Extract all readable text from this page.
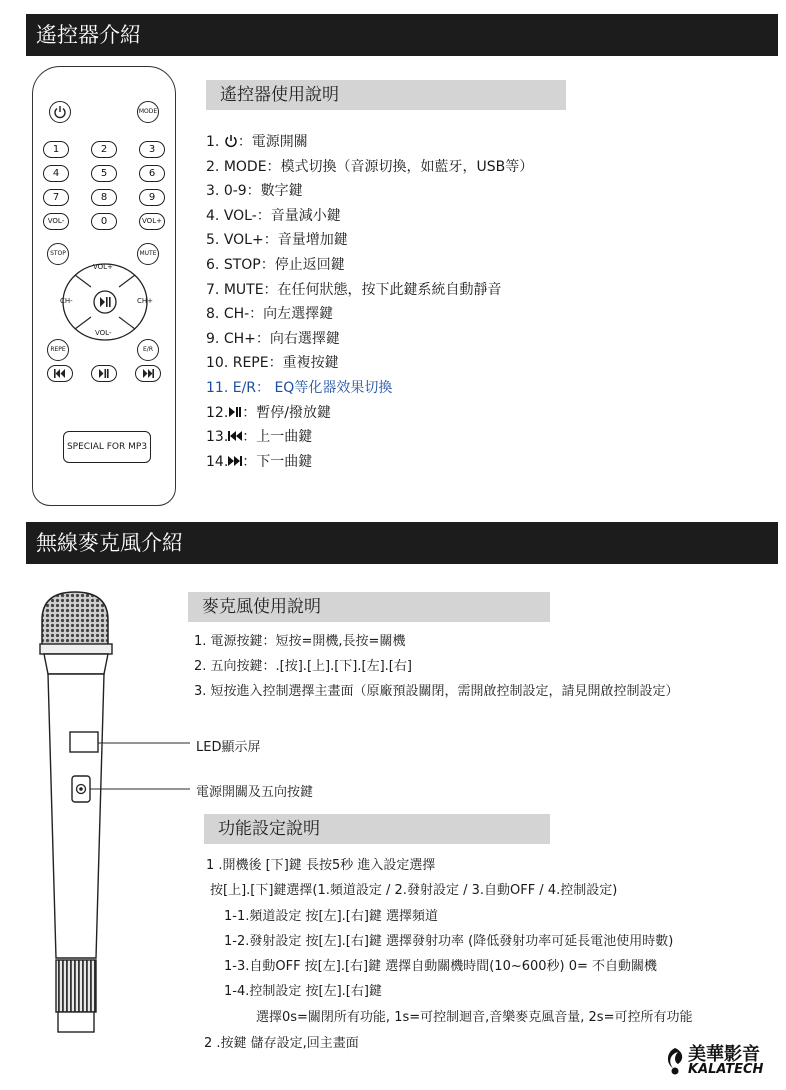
遙控器介紹
MODE
1	2	3
4	5	6
7	8	9
VOL-	0	VOL+
STOP	MUTE
VOL+
VOL-
CH-	CH+
REPE	E/R
SPECIAL FOR MP3
遙控器使用說明
1. ：電源開關
2. MODE：模式切換（音源切換，如藍牙，USB等）
3. 0-9：數字鍵
4. VOL-：音量減小鍵
5. VOL+：音量增加鍵
6. STOP：停止返回鍵
7. MUTE：在任何狀態，按下此鍵系統自動靜音
8. CH-：向左選擇鍵
9. CH+：向右選擇鍵
10. REPE：重複按鍵
11. E/R： EQ等化器效果切換
12. ：暫停/撥放鍵
13. ：上一曲鍵
14. ：下一曲鍵
無線麥克風介紹
麥克風使用說明
1. 電源按鍵：短按=開機,長按=關機
2. 五向按鍵：.[按].[上].[下].[左].[右]
3. 短按進入控制選擇主畫面（原廠預設關閉，需開啟控制設定，請見開啟控制設定）
LED顯示屏
電源開關及五向按鍵
功能設定說明
1 .開機後 [下]鍵 長按5秒 進入設定選擇
按[上].[下]鍵選擇(1.頻道設定 / 2.發射設定 / 3.自動OFF / 4.控制設定)
1-1.頻道設定 按[左].[右]鍵 選擇頻道
1-2.發射設定 按[左].[右]鍵 選擇發射功率 (降低發射功率可延長電池使用時數)
1-3.自動OFF 按[左].[右]鍵 選擇自動關機時間(10~600秒) 0= 不自動關機
1-4.控制設定 按[左].[右]鍵
選擇0s=關閉所有功能, 1s=可控制迴音,音樂麥克風音量, 2s=可控所有功能
2 .按鍵 儲存設定,回主畫面
美華影音
KALATECH
